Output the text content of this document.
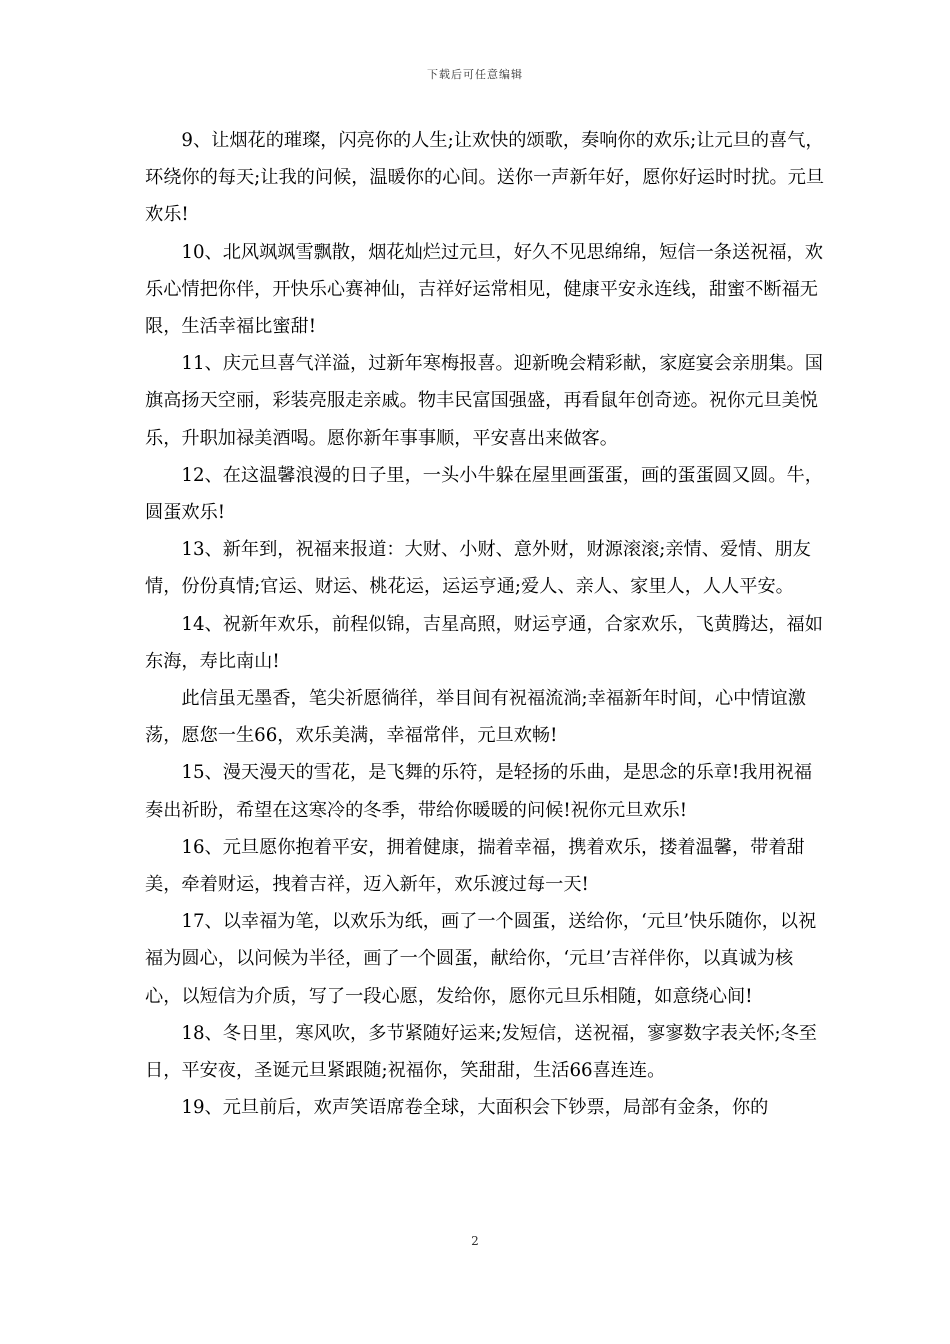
下载后可任意编辑

9、让烟花的璀璨，闪亮你的人生;让欢快的颂歌，奏响你的欢乐;让元旦的喜气，环绕你的每天;让我的问候，温暖你的心间。送你一声新年好，愿你好运时时扰。元旦欢乐!

10、北风飒飒雪飘散，烟花灿烂过元旦，好久不见思绵绵，短信一条送祝福，欢乐心情把你伴，开快乐心赛神仙，吉祥好运常相见，健康平安永连线，甜蜜不断福无限，生活幸福比蜜甜!

11、庆元旦喜气洋溢，过新年寒梅报喜。迎新晚会精彩献，家庭宴会亲朋集。国旗高扬天空丽，彩装亮服走亲戚。物丰民富国强盛，再看鼠年创奇迹。祝你元旦美悦乐，升职加禄美酒喝。愿你新年事事顺，平安喜出来做客。

12、在这温馨浪漫的日子里，一头小牛躲在屋里画蛋蛋，画的蛋蛋圆又圆。牛，圆蛋欢乐!

13、新年到，祝福来报道：大财、小财、意外财，财源滚滚;亲情、爱情、朋友情，份份真情;官运、财运、桃花运，运运亨通;爱人、亲人、家里人，人人平安。

14、祝新年欢乐，前程似锦，吉星高照，财运亨通，合家欢乐，飞黄腾达，福如东海，寿比南山!

此信虽无墨香，笔尖祈愿徜徉，举目间有祝福流淌;幸福新年时间，心中情谊激荡，愿您一生66，欢乐美满，幸福常伴，元旦欢畅!

15、漫天漫天的雪花，是飞舞的乐符，是轻扬的乐曲，是思念的乐章!我用祝福奏出祈盼，希望在这寒冷的冬季，带给你暖暖的问候!祝你元旦欢乐!

16、元旦愿你抱着平安，拥着健康，揣着幸福，携着欢乐，搂着温馨，带着甜美，牵着财运，拽着吉祥，迈入新年，欢乐渡过每一天!

17、以幸福为笔，以欢乐为纸，画了一个圆蛋，送给你，‘元旦’快乐随你，以祝福为圆心，以问候为半径，画了一个圆蛋，献给你，‘元旦’吉祥伴你，以真诚为核心，以短信为介质，写了一段心愿，发给你，愿你元旦乐相随，如意绕心间!

18、冬日里，寒风吹，多节紧随好运来;发短信，送祝福，寥寥数字表关怀;冬至日，平安夜，圣诞元旦紧跟随;祝福你，笑甜甜，生活66喜连连。

19、元旦前后，欢声笑语席卷全球，大面积会下钞票，局部有金条，你的

2
